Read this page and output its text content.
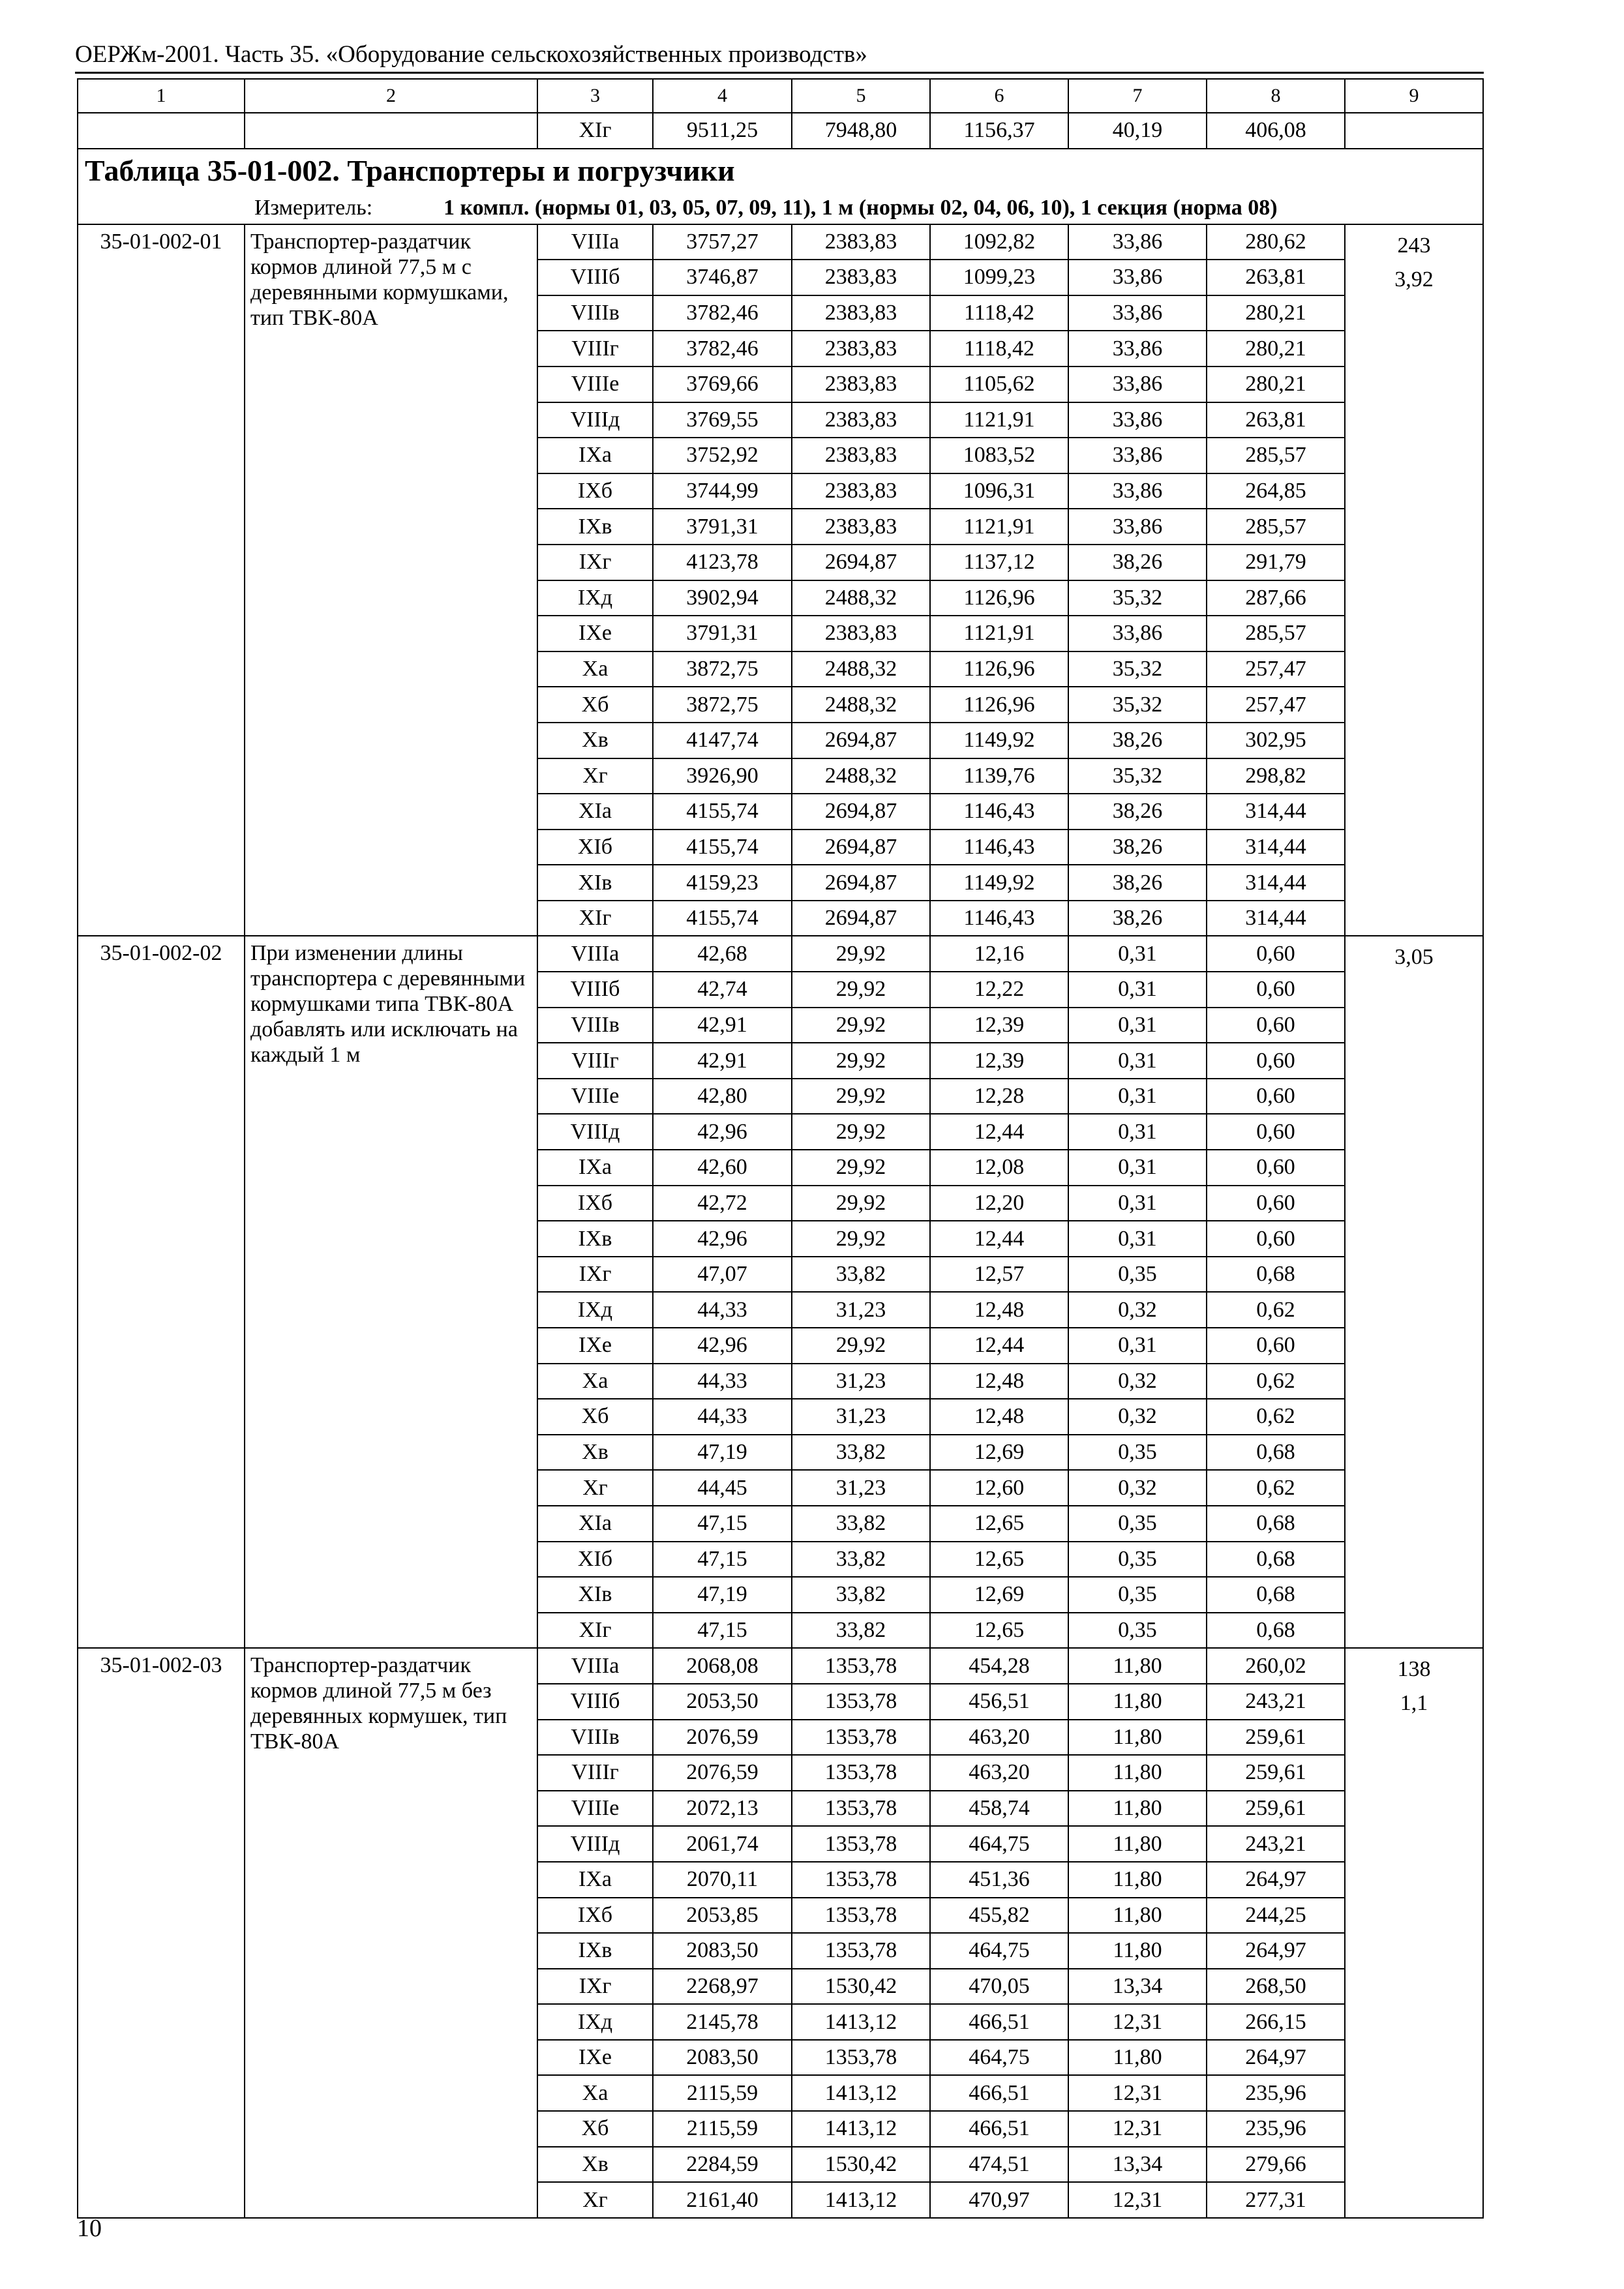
ОЕРЖм-2001. Часть 35. «Оборудование сельскохозяйственных производств»
1	2	3	4	5	6	7	8	9
		XIг	9511,25	7948,80	1156,37	40,19	406,08	
Таблица 35-01-002. Транспортеры и погрузчики								
Измеритель: 1 компл. (нормы 01, 03, 05, 07, 09, 11), 1 м (нормы 02, 04, 06, 10), 1 секция (норма 08)								
35-01-002-01	Транспортер-раздатчик кормов длиной 77,5 м с деревянными кормушками, тип ТВК-80А	VIIIа	3757,27	2383,83	1092,82	33,86	280,62	243
3,92

		VIIIб	3746,87	2383,83	1099,23	33,86	263,81	
		VIIIв	3782,46	2383,83	1118,42	33,86	280,21	
		VIIIг	3782,46	2383,83	1118,42	33,86	280,21	
		VIIIе	3769,66	2383,83	1105,62	33,86	280,21	
		VIIIд	3769,55	2383,83	1121,91	33,86	263,81	
		IXа	3752,92	2383,83	1083,52	33,86	285,57	
		IXб	3744,99	2383,83	1096,31	33,86	264,85	
		IXв	3791,31	2383,83	1121,91	33,86	285,57	
		IXг	4123,78	2694,87	1137,12	38,26	291,79	
		IXд	3902,94	2488,32	1126,96	35,32	287,66	
		IXе	3791,31	2383,83	1121,91	33,86	285,57	
		Xа	3872,75	2488,32	1126,96	35,32	257,47	
		Xб	3872,75	2488,32	1126,96	35,32	257,47	
		Xв	4147,74	2694,87	1149,92	38,26	302,95	
		Xг	3926,90	2488,32	1139,76	35,32	298,82	
		XIа	4155,74	2694,87	1146,43	38,26	314,44	
		XIб	4155,74	2694,87	1146,43	38,26	314,44	
		XIв	4159,23	2694,87	1149,92	38,26	314,44	
		XIг	4155,74	2694,87	1146,43	38,26	314,44	
35-01-002-02	При изменении длины транспортера с деревянными кормушками типа ТВК-80А добавлять или исключать на каждый 1 м	VIIIа	42,68	29,92	12,16	0,31	0,60	3,05

		VIIIб	42,74	29,92	12,22	0,31	0,60	
		VIIIв	42,91	29,92	12,39	0,31	0,60	
		VIIIг	42,91	29,92	12,39	0,31	0,60	
		VIIIе	42,80	29,92	12,28	0,31	0,60	
		VIIIд	42,96	29,92	12,44	0,31	0,60	
		IXа	42,60	29,92	12,08	0,31	0,60	
		IXб	42,72	29,92	12,20	0,31	0,60	
		IXв	42,96	29,92	12,44	0,31	0,60	
		IXг	47,07	33,82	12,57	0,35	0,68	
		IXд	44,33	31,23	12,48	0,32	0,62	
		IXе	42,96	29,92	12,44	0,31	0,60	
		Xа	44,33	31,23	12,48	0,32	0,62	
		Xб	44,33	31,23	12,48	0,32	0,62	
		Xв	47,19	33,82	12,69	0,35	0,68	
		Xг	44,45	31,23	12,60	0,32	0,62	
		XIа	47,15	33,82	12,65	0,35	0,68	
		XIб	47,15	33,82	12,65	0,35	0,68	
		XIв	47,19	33,82	12,69	0,35	0,68	
		XIг	47,15	33,82	12,65	0,35	0,68	
35-01-002-03	Транспортер-раздатчик кормов длиной 77,5 м без деревянных кормушек, тип ТВК-80А	VIIIа	2068,08	1353,78	454,28	11,80	260,02	138
1,1

		VIIIб	2053,50	1353,78	456,51	11,80	243,21	
		VIIIв	2076,59	1353,78	463,20	11,80	259,61	
		VIIIг	2076,59	1353,78	463,20	11,80	259,61	
		VIIIе	2072,13	1353,78	458,74	11,80	259,61	
		VIIIд	2061,74	1353,78	464,75	11,80	243,21	
		IXа	2070,11	1353,78	451,36	11,80	264,97	
		IXб	2053,85	1353,78	455,82	11,80	244,25	
		IXв	2083,50	1353,78	464,75	11,80	264,97	
		IXг	2268,97	1530,42	470,05	13,34	268,50	
		IXд	2145,78	1413,12	466,51	12,31	266,15	
		IXе	2083,50	1353,78	464,75	11,80	264,97	
		Xа	2115,59	1413,12	466,51	12,31	235,96	
		Xб	2115,59	1413,12	466,51	12,31	235,96	
		Xв	2284,59	1530,42	474,51	13,34	279,66	
		Xг	2161,40	1413,12	470,97	12,31	277,31	
10
